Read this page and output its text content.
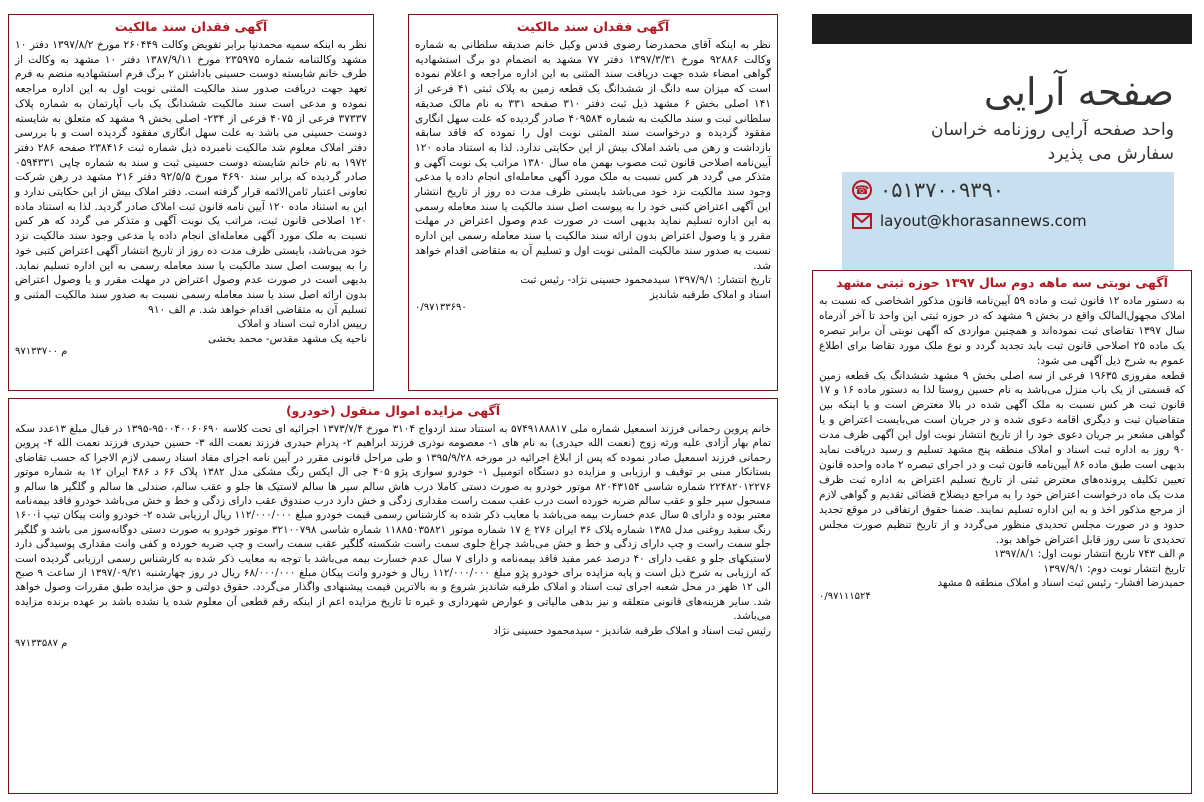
آگهی فقدان سند مالکیت
نظر به اینکه سمیه محمدنیا برابر تفویض وکالت ۲۶۰۴۴۹ مورخ ۱۳۹۷/۸/۲ دفتر ۱۰ مشهد وکالتنامه شماره ۲۳۵۹۷۵ مورخ ۱۳۸۷/۹/۱۱ دفتر ۱۰ مشهد به وکالت از طرف خانم شایسته دوست حسینی باداشتن ۲ برگ فرم استشهادیه منضم به فرم تعهد جهت دریافت صدور سند مالکیت المثنی نوبت اول به این اداره مراجعه نموده و مدعی است سند مالکیت ششدانگ یک باب آپارتمان به شماره پلاک ۳۷۳۳۷ فرعی از ۴۰۷۵ فرعی از ۲۳۴- اصلی بخش ۹ مشهد که متعلق به شایسته دوست حسینی می باشد به علت سهل انگاری مفقود گردیده است و با بررسی دفتر املاک معلوم شد مالکیت نامبرده ذیل شماره ثبت ۲۳۸۴۱۶ صفحه ۲۸۶ دفتر ۱۹۷۲ به نام خانم شایسته دوست حسینی ثبت و سند به شماره چاپی ۰۵۹۴۳۳۱ صادر گردیده که برابر سند ۴۶۹۰ مورخ ۹۲/۵/۵ دفتر ۲۱۶ مشهد در رهن شرکت تعاونی اعتبار ثامن‌الائمه قرار گرفته است. دفتر املاک بیش از این حکایتی ندارد و این به استناد ماده ۱۲۰ آیین نامه قانون ثبت املاک صادر گردید. لذا به استناد ماده ۱۲۰ اصلاحی قانون ثبت، مراتب یک نوبت آگهی و متذکر می گردد که هر کس نسبت به ملک مورد آگهی معامله‌ای انجام داده یا مدعی وجود سند مالکیت نزد خود می‌باشد، بایستی ظرف مدت ده روز از تاریخ انتشار آگهی اعتراض کتبی خود را به پیوست اصل سند مالکیت یا سند معامله رسمی به این اداره تسلیم نماید. بدیهی است در صورت عدم وصول اعتراض در مهلت مقرر و یا وصول اعتراض بدون ارائه اصل سند یا سند معامله رسمی نسبت به صدور سند مالکیت المثنی و تسلیم آن به متقاضی اقدام خواهد شد. م الف ۹۱۰
رییس اداره ثبت اسناد و املاک
ناحیه یک مشهد مقدس- محمد بخشی
۹۷۱۳۳۷۰۰ م
آگهی فقدان سند مالکیت
نظر به اینکه آقای محمدرضا رضوی قدس وکیل خانم صدیقه سلطانی به شماره وکالت ۹۲۸۸۶ مورخ ۱۳۹۷/۳/۳۱ دفتر ۷۷ مشهد به انضمام دو برگ استشهادیه گواهی امضاء شده جهت دریافت سند المثنی به این اداره مراجعه و اعلام نموده است که میزان سه دانگ از ششدانگ یک قطعه زمین به پلاک ثبتی ۴۱ فرعی از ۱۴۱ اصلی بخش ۶ مشهد ذیل ثبت دفتر ۳۱۰ صفحه ۳۳۱ به نام مالک صدیقه سلطانی ثبت و سند مالکیت به شماره ۴۰۹۵۸۴ صادر گردیده که علت سهل انگاری مفقود گردیده و درخواست سند المثنی نوبت اول را نموده که فاقد سابقه بازداشت و رهن می باشد املاک بیش از این حکایتی ندارد. لذا به استناد ماده ۱۲۰ آیین‌نامه اصلاحی قانون ثبت مصوب بهمن ماه سال ۱۳۸۰ مراتب یک نوبت آگهی و متذکر می گردد هر کس نسبت به ملک مورد آگهی معامله‌ای انجام داده یا مدعی وجود سند مالکیت نزد خود می‌باشد بایستی ظرف مدت ده روز از تاریخ انتشار این آگهی اعتراض کتبی خود را به پیوست اصل سند مالکیت یا سند معامله رسمی به این اداره تسلیم نماید بدیهی است در صورت عدم وصول اعتراض در مهلت مقرر و یا وصول اعتراض بدون ارائه سند مالکیت یا سند معامله رسمی این اداره نسبت به صدور سند مالکیت المثنی نوبت اول و تسلیم آن به متقاضی اقدام خواهد شد.
تاریخ انتشار: ۱۳۹۷/۹/۱ سیدمحمود حسینی نژاد- رئیس ثبت
اسناد و املاک طرقبه شاندیز
۰/۹۷۱۳۳۶۹۰
صفحه آرایی
واحد صفحه آرایی روزنامه خراسان
سفارش می پذیرد
☎ ۰۵۱۳۷۰۰۹۳۹۰
layout@khorasannews.com
آگهی مزایده اموال منقول (خودرو)
خانم پروین رحمانی فرزند اسمعیل شماره ملی ۵۷۴۹۱۸۸۸۱۷ به استناد سند ازدواج ۳۱۰۴ مورخ ۱۳۷۳/۷/۴ اجرائیه ای تحت کلاسه ۹۵۰۰۴۰۰۶۰۶۹۰-۱۳۹۵ در قبال مبلغ ۱۳عدد سکه تمام بهار آزادی علیه ورثه زوج (نعمت الله حیدری) به نام های ۱- معصومه نوذری فرزند ابراهیم ۲- پدرام حیدری فرزند نعمت الله ۳- حسین حیدری فرزند نعمت الله ۴- پروین رحمانی فرزند اسمعیل صادر نموده که پس از ابلاغ اجرائیه در مورخه ۱۳۹۵/۹/۲۸ و طی مراحل قانونی مقرر در آیین نامه اجرای مفاد اسناد رسمی لازم الاجرا که حسب تقاضای بستانکار مبنی بر توقیف و ارزیابی و مزایده دو دستگاه اتومبیل ۱- خودرو سواری پژو ۴۰۵ جی ال ایکس رنگ مشکی مدل ۱۳۸۲ پلاک ۶۶ د ۴۸۶ ایران ۱۲ به شماره موتور ۲۲۴۸۲۰۱۲۲۷۶ شماره شاسی ۸۲۰۴۳۱۵۴ موتور خودرو به صورت دستی کاملا درب هاش سالم سپر ها سالم لاستیک ها جلو و عقب سالم، صندلی ها سالم و گلگیر ها سالم و مسحول سپر جلو و عقب سالم ضربه خورده است درب عقب سمت راست مقداری زدگی و خش دارد درب صندوق عقب دارای زدگی و خط و خش می‌باشد خودرو فاقد بیمه‌نامه معتبر بوده و دارای ۵ سال عدم خسارت بیمه می‌باشد با معایب ذکر شده به کارشناس رسمی قیمت خودرو مبلغ ۱۱۲/۰۰۰/۰۰۰ ریال ارزیابی شده ۲- خودرو وانت پیکان تیپ ۱۶۰۰i رنگ سفید روغنی مدل ۱۳۸۵ شماره پلاک ۳۶ ایران ۲۷۶ ع ۱۷ شماره موتور ۱۱۸۸۵۰۳۵۸۲۱ شماره شاسی ۳۲۱۰۰۷۹۸ موتور خودرو به صورت دستی دوگانه‌سوز می باشد و گلگیر جلو سمت راست و چپ دارای زدگی و خط و خش می‌باشد چراغ جلوی سمت راست شکسته گلگیر عقب سمت راست و چپ ضربه خورده و کفی وانت مقداری پوسیدگی دارد لاستیکهای جلو و عقب دارای ۴۰ درصد عمر مفید فاقد بیمه‌نامه و دارای ۷ سال عدم خسارت بیمه می‌باشد با توجه به معایب ذکر شده به کارشناس رسمی ارزیابی گردیده است که ارزیابی به شرح ذیل است و پایه مزایده برای خودرو پژو مبلغ ۱۱۲/۰۰۰/۰۰۰ ریال و خودرو وانت پیکان مبلغ ۶۸/۰۰۰/۰۰۰ ریال در روز چهارشنبه ۱۳۹۷/۰۹/۲۱ از ساعت ۹ صبح الی ۱۲ ظهر در محل شعبه اجرای ثبت اسناد و املاک طرقبه شاندیز شروع و به بالاترین قیمت پیشنهادی واگذار می‌گردد. حقوق دولتی و حق مزایده طبق مقررات وصول خواهد شد. سایر هزینه‌های قانونی متعلقه و نیز بدهی مالیاتی و عوارض شهرداری و غیره تا تاریخ مزایده اعم از اینکه رقم قطعی آن معلوم شده یا نشده باشد بر عهده برنده مزایده می‌باشد.
رئیس ثبت اسناد و املاک طرقبه شاندیز - سیدمحمود حسینی نژاد
۹۷۱۳۳۵۸۷ م
آگهی نوبتی سه ماهه دوم سال ۱۳۹۷ حوزه ثبتی مشهد
به دستور ماده ۱۲ قانون ثبت و ماده ۵۹ آیین‌نامه قانون مذکور اشخاصی که نسبت به املاک مجهول‌المالک واقع در بخش ۹ مشهد که در حوزه ثبتی این واحد تا آخر آذرماه سال ۱۳۹۷ تقاضای ثبت نموده‌اند و همچنین مواردی که آگهی نوبتی آن برابر تبصره یک ماده ۲۵ اصلاحی قانون ثبت باید تجدید گردد و نوع ملک مورد تقاضا برای اطلاع عموم به شرح ذیل آگهی می شود:
قطعه مفروزی ۱۹۶۳۵ فرعی از سه اصلی بخش ۹ مشهد ششدانگ یک قطعه زمین که قسمتی از یک باب منزل می‌باشد به نام حسین روستا لذا به دستور ماده ۱۶ و ۱۷ قانون ثبت هر کس نسبت به ملک آگهی شده در بالا معترض است و یا اینکه بین متقاضیان ثبت و دیگری اقامه دعوی شده و در جریان است می‌بایست اعتراض و یا گواهی مشعر بر جریان دعوی خود را از تاریخ انتشار نوبت اول این آگهی ظرف مدت ۹۰ روز به اداره ثبت اسناد و املاک منطقه پنج مشهد تسلیم و رسید دریافت نماید بدیهی است طبق ماده ۸۶ آیین‌نامه قانون ثبت و در اجرای تبصره ۲ ماده واحده قانون تعیین تکلیف پرونده‌های معترض ثبتی از تاریخ تسلیم اعتراض به اداره ثبت ظرف مدت یک ماه درخواست اعتراض خود را به مراجع دیصلاح قضائی تقدیم و گواهی لازم از مرجع مذکور اخذ و به این اداره تسلیم نمایند. ضمنا حقوق ارتفاقی در موقع تجدید حدود و در صورت مجلس تحدیدی منظور می‌گردد و از تاریخ تنظیم صورت مجلس تحدیدی تا سی روز قابل اعتراض خواهد بود.
م الف ۷۴۳ تاریخ انتشار نوبت اول: ۱۳۹۷/۸/۱
تاریخ انتشار نوبت دوم: ۱۳۹۷/۹/۱
حمیدرضا افشار- رئیس ثبت اسناد و املاک منطقه ۵ مشهد
۰/۹۷۱۱۱۵۲۴
